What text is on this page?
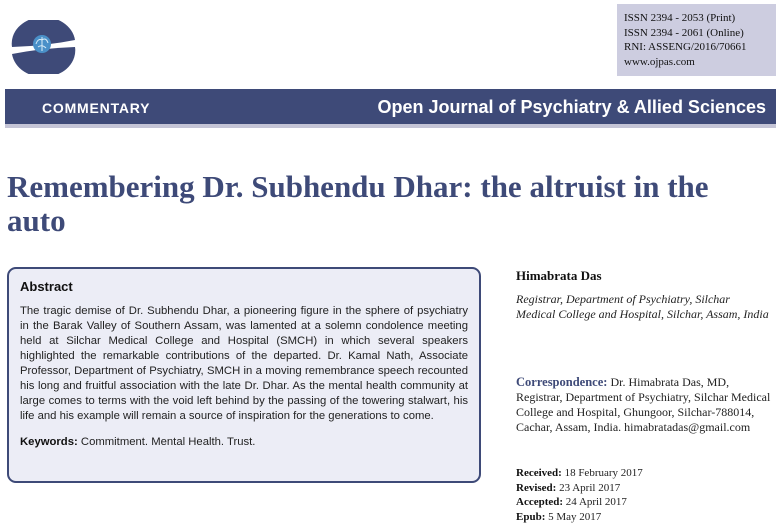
ISSN 2394 - 2053 (Print)
ISSN 2394 - 2061 (Online)
RNI: ASSENG/2016/70661
www.ojpas.com
COMMENTARY	Open Journal of Psychiatry & Allied Sciences
Remembering Dr. Subhendu Dhar: the altruist in the auto
Abstract

The tragic demise of Dr. Subhendu Dhar, a pioneering figure in the sphere of psychiatry in the Barak Valley of Southern Assam, was lamented at a solemn condolence meeting held at Silchar Medical College and Hospital (SMCH) in which several speakers highlighted the remarkable contributions of the departed. Dr. Kamal Nath, Associate Professor, Department of Psychiatry, SMCH in a moving remembrance speech recounted his long and fruitful association with the late Dr. Dhar. As the mental health community at large comes to terms with the void left behind by the passing of the towering stalwart, his life and his example will remain a source of inspiration for the generations to come.

Keywords: Commitment. Mental Health. Trust.
Himabrata Das
Registrar, Department of Psychiatry, Silchar Medical College and Hospital, Silchar, Assam, India
Correspondence: Dr. Himabrata Das, MD, Registrar, Department of Psychiatry, Silchar Medical College and Hospital, Ghungoor, Silchar-788014, Cachar, Assam, India. himabratadas@gmail.com
Received: 18 February 2017
Revised: 23 April 2017
Accepted: 24 April 2017
Epub: 5 May 2017
